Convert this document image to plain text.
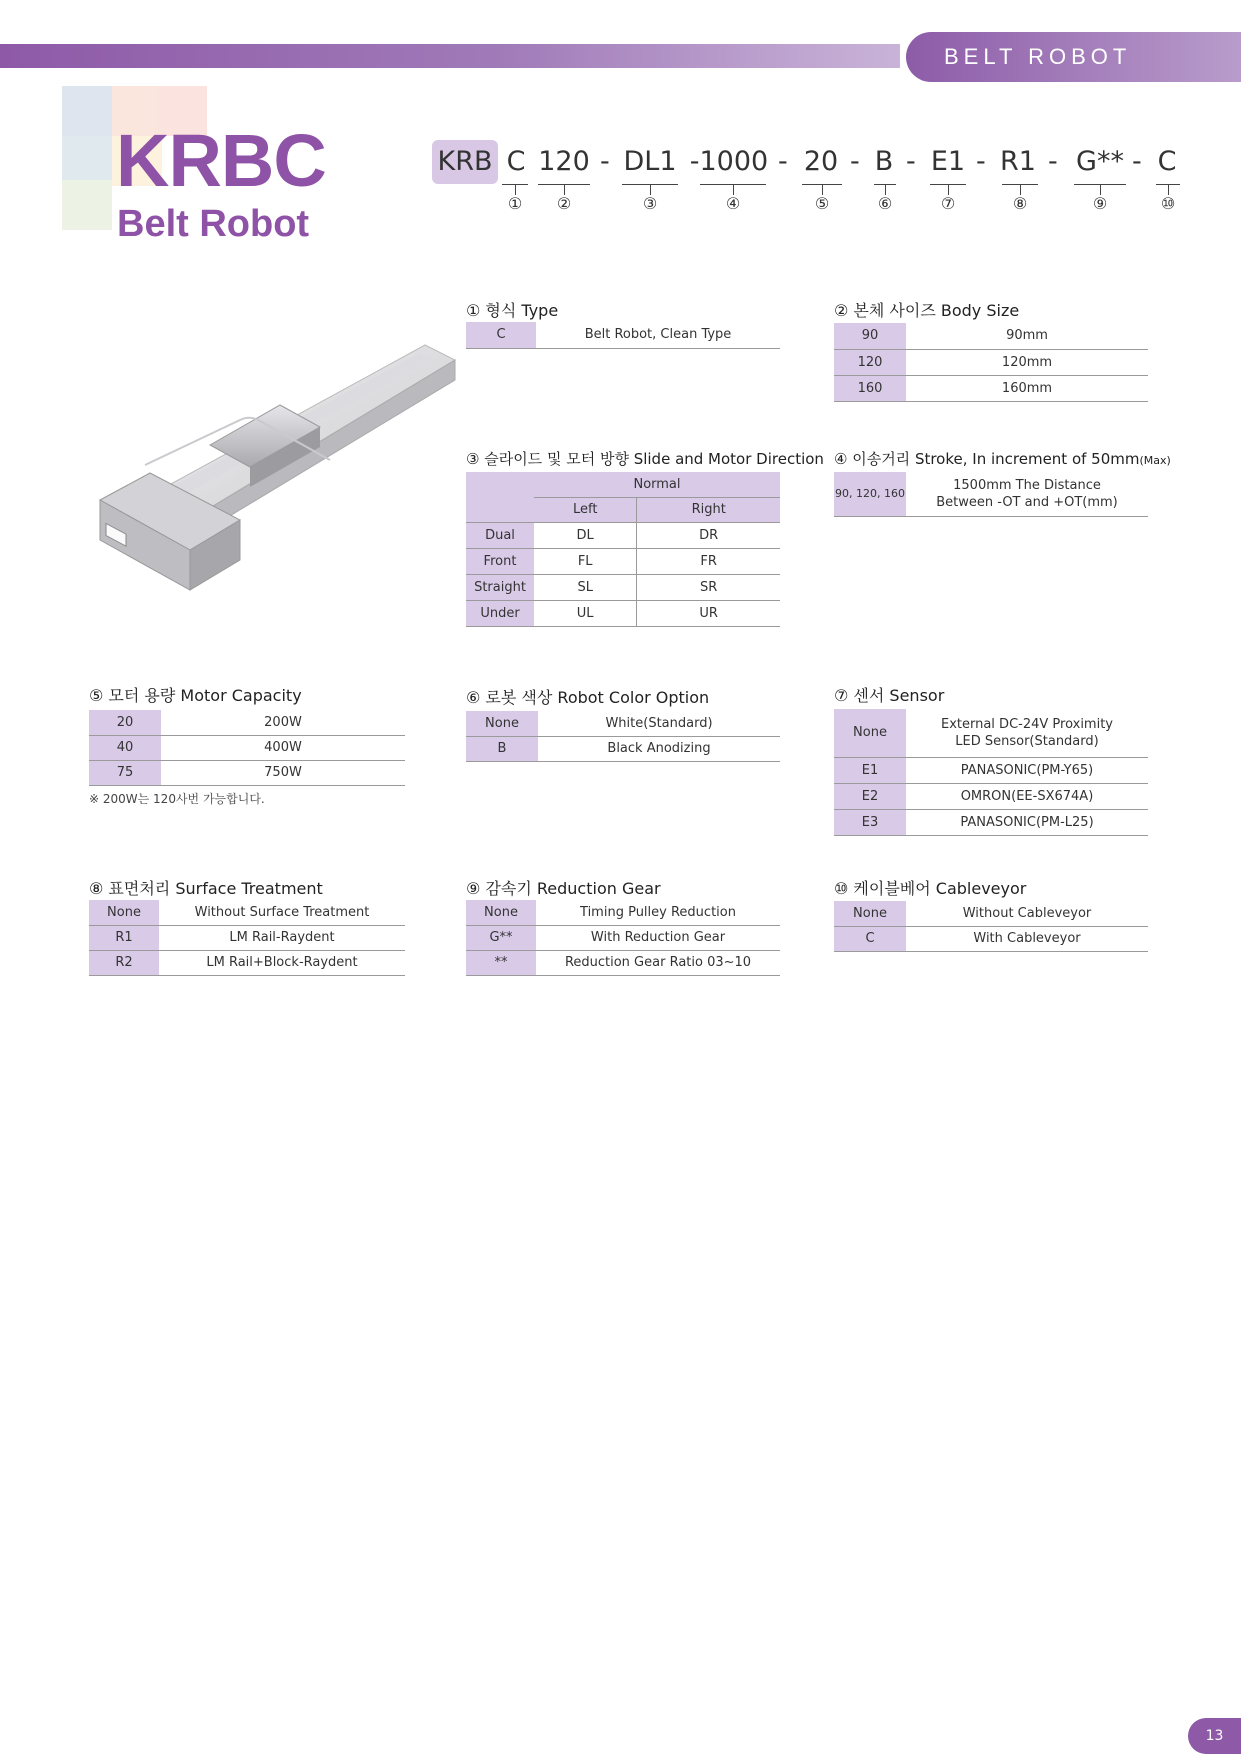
BELT ROBOT
KRBC
Belt Robot
KRB C 120 - DL1 -1000 - 20 - B - E1 - R1 - G** - C
① ②	③	④	⑤	⑥	⑦	⑧	⑨	⑩
① 형식 Type
C	Belt Robot, Clean Type
② 본체 사이즈 Body Size
90	90mm
120	120mm
160	160mm
③ 슬라이드 및 모터 방향 Slide and Motor Direction
	Normal	
	Left	Right
Dual	DL	DR
Front	FL	FR
Straight	SL	SR
Under	UL	UR
④ 이송거리 Stroke, In increment of 50mm(Max)
90, 120, 160	1500mm The Distance Between -OT and +OT(mm)
⑤ 모터 용량 Motor Capacity
20	200W
40	400W
75	750W
※ 200W는 120사번 가능합니다.
⑥ 로봇 색상 Robot Color Option
None	White(Standard)
B	Black Anodizing
⑦ 센서 Sensor
None	External DC-24V Proximity LED Sensor(Standard)
E1	PANASONIC(PM-Y65)
E2	OMRON(EE-SX674A)
E3	PANASONIC(PM-L25)
⑧ 표면처리 Surface Treatment
None	Without Surface Treatment
R1	LM Rail-Raydent
R2	LM Rail+Block-Raydent
⑨ 감속기 Reduction Gear
None	Timing Pulley Reduction
G**	With Reduction Gear
**	Reduction Gear Ratio 03~10
⑩ 케이블베어 Cableveyor
None	Without Cableveyor
C	With Cableveyor
13
